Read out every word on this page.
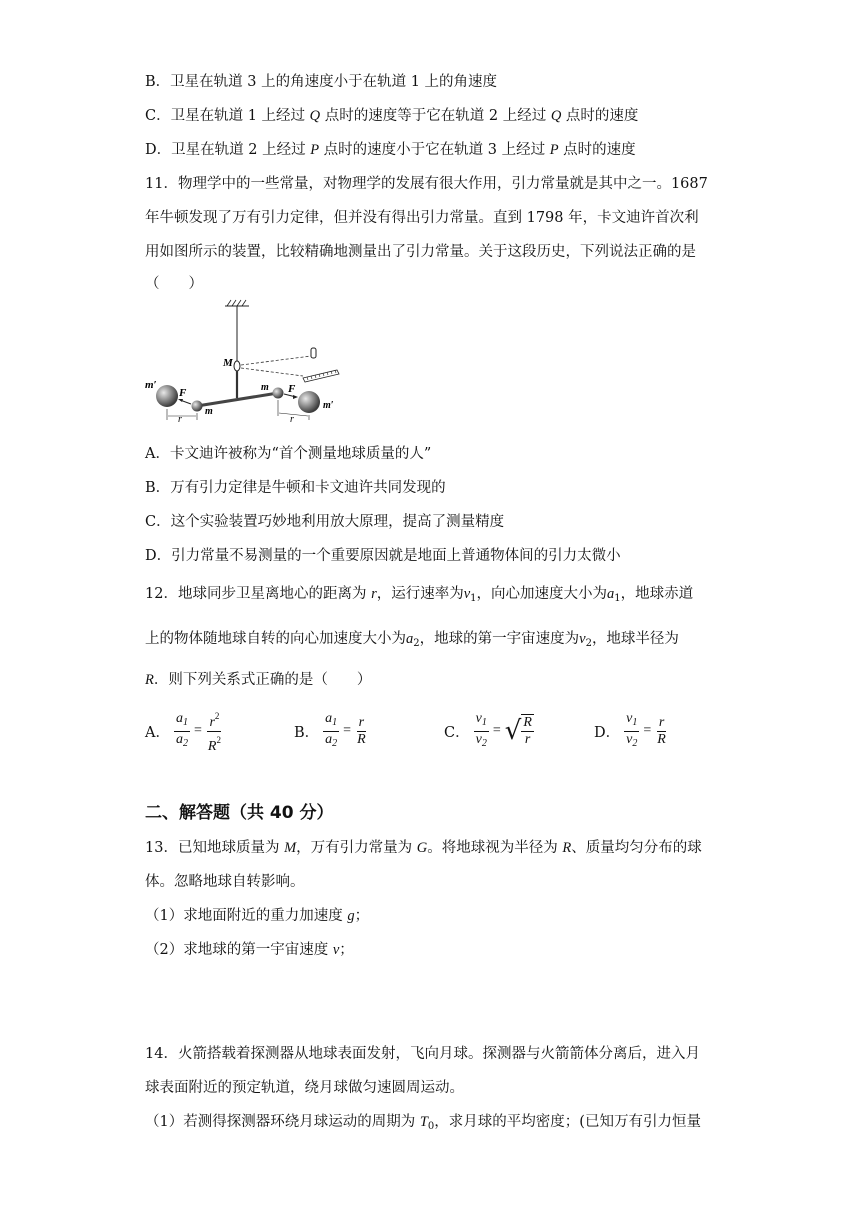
B．卫星在轨道 3 上的角速度小于在轨道 1 上的角速度
C．卫星在轨道 1 上经过 Q 点时的速度等于它在轨道 2 上经过 Q 点时的速度
D．卫星在轨道 2 上经过 P 点时的速度小于它在轨道 3 上经过 P 点时的速度
11．物理学中的一些常量，对物理学的发展有很大作用，引力常量就是其中之一。1687
年牛顿发现了万有引力定律，但并没有得出引力常量。直到 1798 年，卡文迪许首次利
用如图所示的装置，比较精确地测量出了引力常量。关于这段历史，下列说法正确的是
（　　）
m′
F
m
r
M
m F
m′
r
A．卡文迪许被称为“首个测量地球质量的人”
B．万有引力定律是牛顿和卡文迪许共同发现的
C．这个实验装置巧妙地利用放大原理，提高了测量精度
D．引力常量不易测量的一个重要原因就是地面上普通物体间的引力太微小
12．地球同步卫星离地心的距离为 r，运行速率为$v_1$，向心加速度大小为$a_1$，地球赤道
上的物体随地球自转的向心加速度大小为$a_2$，地球的第一宇宙速度为$v_2$，地球半径为
R．则下列关系式正确的是（　　）
A． $\frac{a_1}{a_2} = \frac{r^2}{R^2}$	B． $\frac{a_1}{a_2} = \frac{r}{R}$	C． $\frac{v_1}{v_2}$ = √ $\frac{R}{r}$	D． $\frac{v_1}{v_2} = \frac{r}{R}$
二、解答题（共 40 分）
13．已知地球质量为 M，万有引力常量为 G。将地球视为半径为 R、质量均匀分布的球
体。忽略地球自转影响。
（1）求地面附近的重力加速度 g；
（2）求地球的第一宇宙速度 v；
14．火箭搭载着探测器从地球表面发射，飞向月球。探测器与火箭箭体分离后，进入月
球表面附近的预定轨道，绕月球做匀速圆周运动。
（1）若测得探测器环绕月球运动的周期为 $T_0$，求月球的平均密度；(已知万有引力恒量
